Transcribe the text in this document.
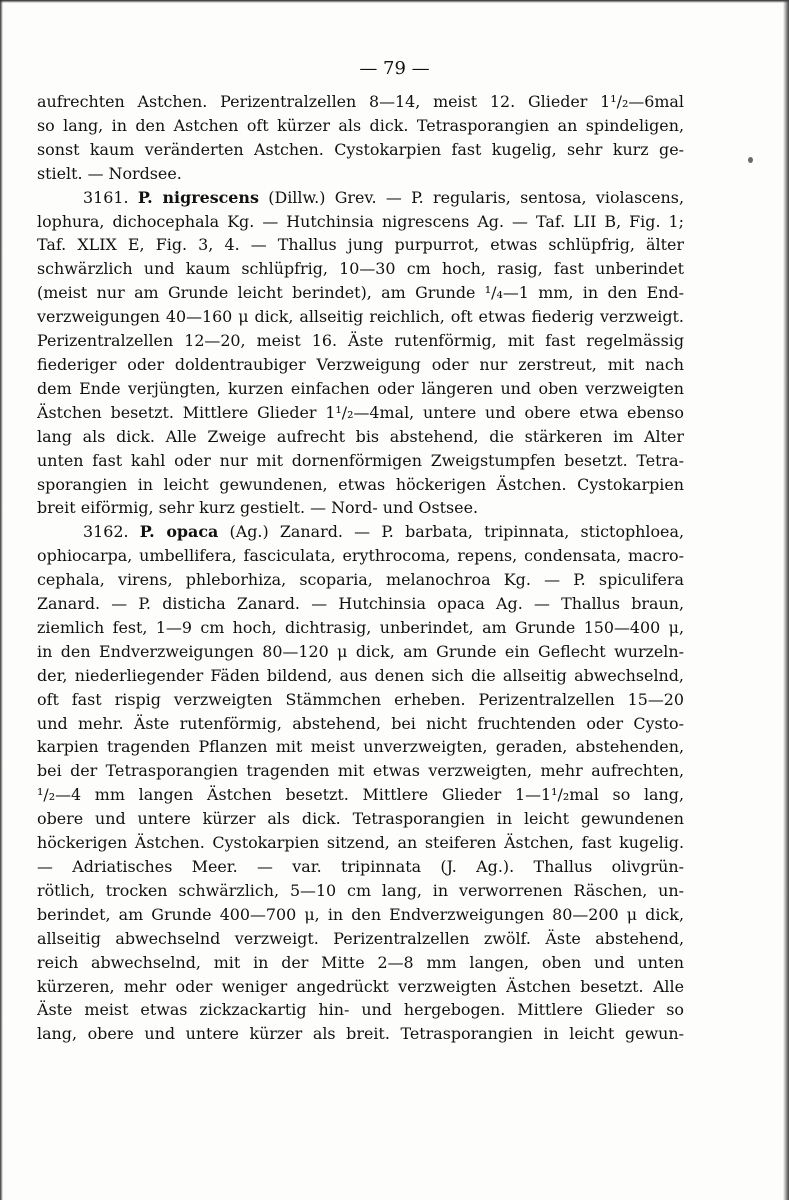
— 79 —
aufrechten Astchen. Perizentralzellen 8—14, meist 12. Glieder 1¹/₂—6mal
so lang, in den Astchen oft kürzer als dick. Tetrasporangien an spindeligen,
sonst kaum veränderten Astchen. Cystokarpien fast kugelig, sehr kurz ge-
stielt. — Nordsee.
3161. P. nigrescens (Dillw.) Grev. — P. regularis, sentosa, violascens,
lophura, dichocephala Kg. — Hutchinsia nigrescens Ag. — Taf. LII B, Fig. 1;
Taf. XLIX E, Fig. 3, 4. — Thallus jung purpurrot, etwas schlüpfrig, älter
schwärzlich und kaum schlüpfrig, 10—30 cm hoch, rasig, fast unberindet
(meist nur am Grunde leicht berindet), am Grunde ¹/₄—1 mm, in den End-
verzweigungen 40—160 μ dick, allseitig reichlich, oft etwas fiederig verzweigt.
Perizentralzellen 12—20, meist 16. Äste rutenförmig, mit fast regelmässig
fiederiger oder doldentraubiger Verzweigung oder nur zerstreut, mit nach
dem Ende verjüngten, kurzen einfachen oder längeren und oben verzweigten
Ästchen besetzt. Mittlere Glieder 1¹/₂—4mal, untere und obere etwa ebenso
lang als dick. Alle Zweige aufrecht bis abstehend, die stärkeren im Alter
unten fast kahl oder nur mit dornenförmigen Zweigstumpfen besetzt. Tetra-
sporangien in leicht gewundenen, etwas höckerigen Ästchen. Cystokarpien
breit eiförmig, sehr kurz gestielt. — Nord- und Ostsee.
3162. P. opaca (Ag.) Zanard. — P. barbata, tripinnata, stictophloea,
ophiocarpa, umbellifera, fasciculata, erythrocoma, repens, condensata, macro-
cephala, virens, phleborhiza, scoparia, melanochroa Kg. — P. spiculifera
Zanard. — P. disticha Zanard. — Hutchinsia opaca Ag. — Thallus braun,
ziemlich fest, 1—9 cm hoch, dichtrasig, unberindet, am Grunde 150—400 μ,
in den Endverzweigungen 80—120 μ dick, am Grunde ein Geflecht wurzeln-
der, niederliegender Fäden bildend, aus denen sich die allseitig abwechselnd,
oft fast rispig verzweigten Stämmchen erheben. Perizentralzellen 15—20
und mehr. Äste rutenförmig, abstehend, bei nicht fruchtenden oder Cysto-
karpien tragenden Pflanzen mit meist unverzweigten, geraden, abstehenden,
bei der Tetrasporangien tragenden mit etwas verzweigten, mehr aufrechten,
¹/₂—4 mm langen Ästchen besetzt. Mittlere Glieder 1—1¹/₂mal so lang,
obere und untere kürzer als dick. Tetrasporangien in leicht gewundenen
höckerigen Ästchen. Cystokarpien sitzend, an steiferen Ästchen, fast kugelig.
— Adriatisches Meer. — var. tripinnata (J. Ag.). Thallus olivgrün-
rötlich, trocken schwärzlich, 5—10 cm lang, in verworrenen Räschen, un-
berindet, am Grunde 400—700 μ, in den Endverzweigungen 80—200 μ dick,
allseitig abwechselnd verzweigt. Perizentralzellen zwölf. Äste abstehend,
reich abwechselnd, mit in der Mitte 2—8 mm langen, oben und unten
kürzeren, mehr oder weniger angedrückt verzweigten Ästchen besetzt. Alle
Äste meist etwas zickzackartig hin- und hergebogen. Mittlere Glieder so
lang, obere und untere kürzer als breit. Tetrasporangien in leicht gewun-
